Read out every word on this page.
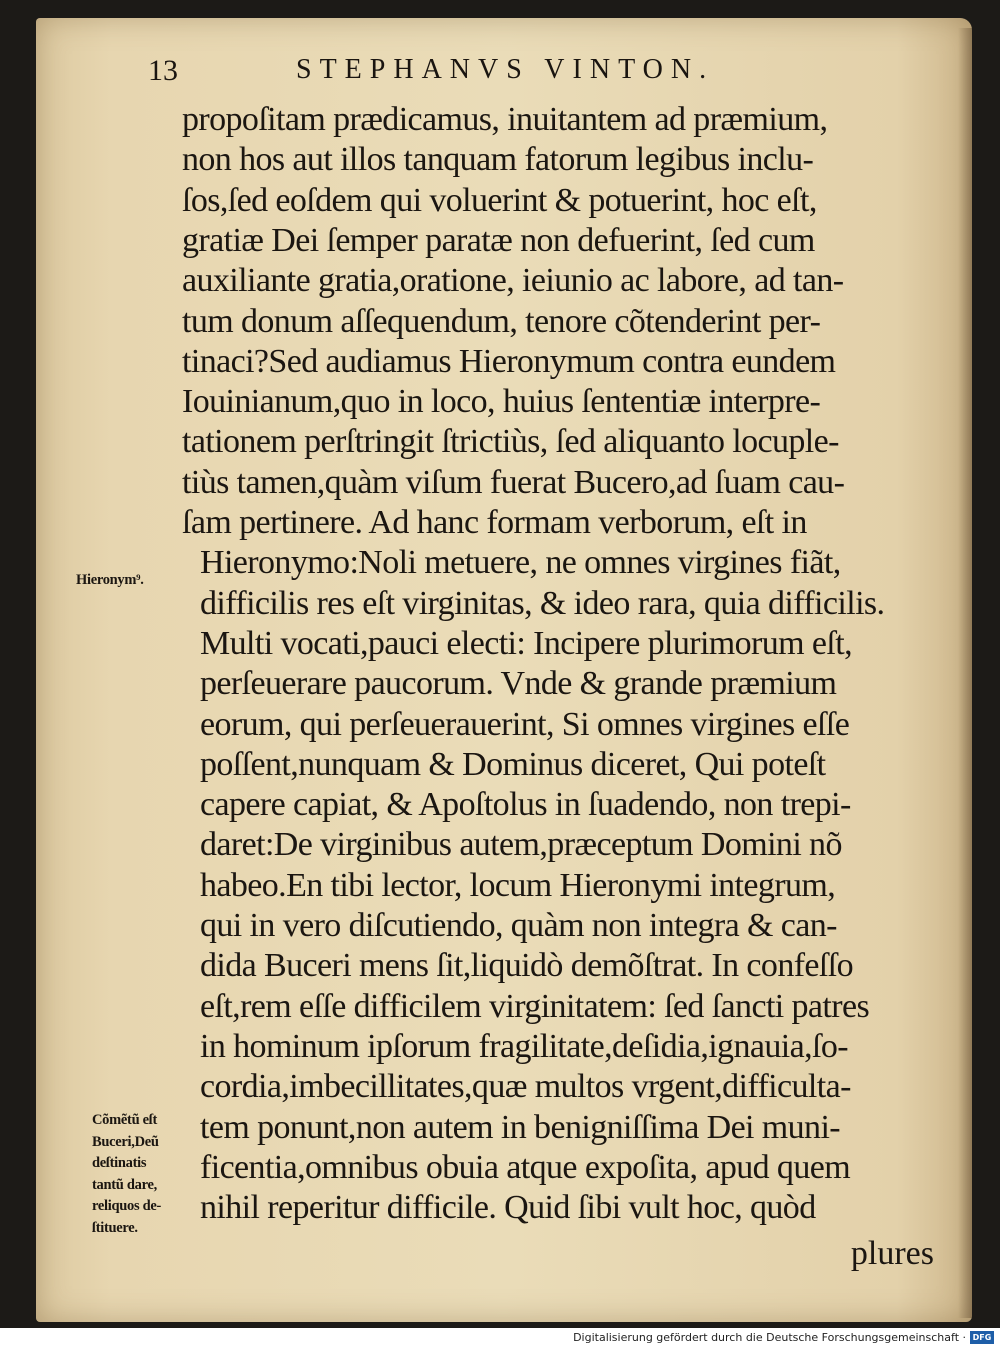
13	STEPHANVS VINTON.
propoſitam prædicamus, inuitantem ad præmium,
non hos aut illos tanquam fatorum legibus inclu-
ſos,ſed eoſdem qui voluerint & potuerint, hoc eſt,
gratiæ Dei ſemper paratæ non defuerint, ſed cum
auxiliante gratia,oratione, ieiunio ac labore, ad tan-
tum donum aſſequendum, tenore cõtenderint per-
tinaci?Sed audiamus Hieronymum contra eundem
Iouinianum,quo in loco, huius ſententiæ interpre-
tationem perſtringit ſtrictiùs, ſed aliquanto locuple-
tiùs tamen,quàm viſum fuerat Bucero,ad ſuam cau-
ſam pertinere. Ad hanc formam verborum, eſt in
Hieronymo:Noli metuere, ne omnes virgines fiãt,
difficilis res eſt virginitas, & ideo rara, quia difficilis.
Multi vocati,pauci electi: Incipere plurimorum eſt,
perſeuerare paucorum. Vnde & grande præmium
eorum, qui perſeuerauerint, Si omnes virgines eſſe
poſſent,nunquam & Dominus diceret, Qui poteſt
capere capiat, & Apoſtolus in ſuadendo, non trepi-
daret:De virginibus autem,præceptum Domini nõ
habeo.En tibi lector, locum Hieronymi integrum,
qui in vero diſcutiendo, quàm non integra & can-
dida Buceri mens ſit,liquidò demõſtrat. In confeſſo
eſt,rem eſſe difficilem virginitatem: ſed ſancti patres
in hominum ipſorum fragilitate,deſidia,ignauia,ſo-
cordia,imbecillitates,quæ multos vrgent,difficulta-
tem ponunt,non autem in benigniſſima Dei muni-
ficentia,omnibus obuia atque expoſita, apud quem
nihil reperitur difficile. Quid ſibi vult hoc, quòd
plures
Hieronym⁹.
Cõmẽtũ eſt
Buceri,Deũ
deſtinatis
tantũ dare,
reliquos de-
ſtituere.
Digitalisierung gefördert durch die Deutsche Forschungsgemeinschaft · DFG
